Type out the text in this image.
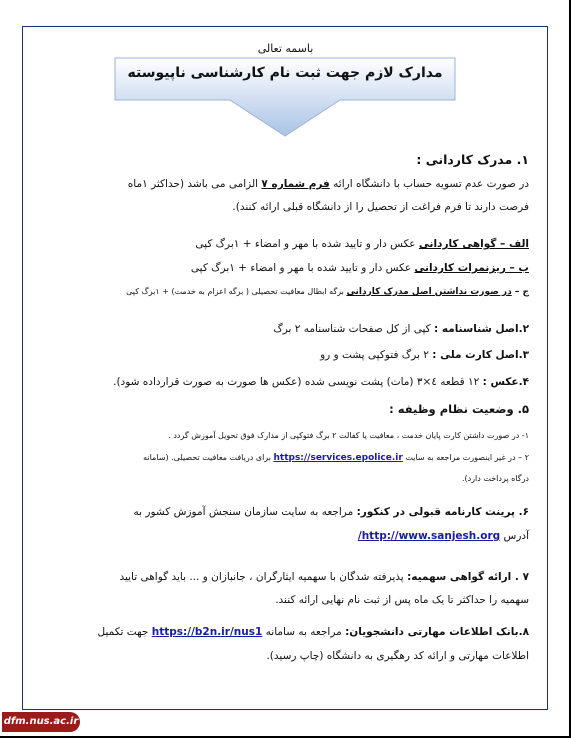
باسمه تعالی
مدارک لازم جهت ثبت نام کارشناسی ناپیوسته
۱. مدرک کاردانی :
در صورت عدم تسویه حساب با دانشگاه ارائه فرم شماره ۷ الزامی می باشد (حداکثر ۱ماه
فرصت دارند تا فرم فراغت از تحصیل را از دانشگاه قبلی ارائه کنند).
الف – گواهی کاردانی عکس دار و تایید شده با مهر و امضاء + ۱برگ کپی
ب – ریزنمرات کاردانی عکس دار و تایید شده با مهر و امضاء + ۱برگ کپی
ج – در صورت نداشتن اصل مدرک کاردانی برگه ابطال معافیت تحصیلی ( برگه اعزام به خدمت) + ۱برگ کپی
۲.اصل شناسنامه : کپی از کل صفحات شناسنامه ۲ برگ
۳.اصل کارت ملی : ۲ برگ فتوکپی پشت و رو
۴.عکس : ۱۲ قطعه ٤×۳ (مات) پشت نویسی شده (عکس ها صورت به صورت قرارداده شود).
۵. وضعیت نظام وظیفه :
۱- در صورت داشتن کارت پایان خدمت ، معافیت یا کفالت ۲ برگ فتوکپی از مدارک فوق تحویل آموزش گردد .
۲ – در غیر اینصورت مراجعه به سایت https://services.epolice.ir برای دریافت معافیت تحصیلی. (سامانه
درگاه پرداخت دارد).
۶. پرینت کارنامه قبولی در کنکور: مراجعه به سایت سازمان سنجش آموزش کشور به
آدرس /http://www.sanjesh.org
۷ . ارائه گواهی سهمیه: پذیرفته شدگان با سهمیه ایثارگران ، جانبازان و ... باید گواهی تایید
سهمیه را حداکثر تا یک ماه پس از ثبت نام نهایی ارائه کنند.
۸.بانک اطلاعات مهارتی دانشجویان: مراجعه به سامانه https://b2n.ir/nus1 جهت تکمیل
اطلاعات مهارتی و ارائه کد رهگیری به دانشگاه (چاپ رسید).
dfm.nus.ac.ir
